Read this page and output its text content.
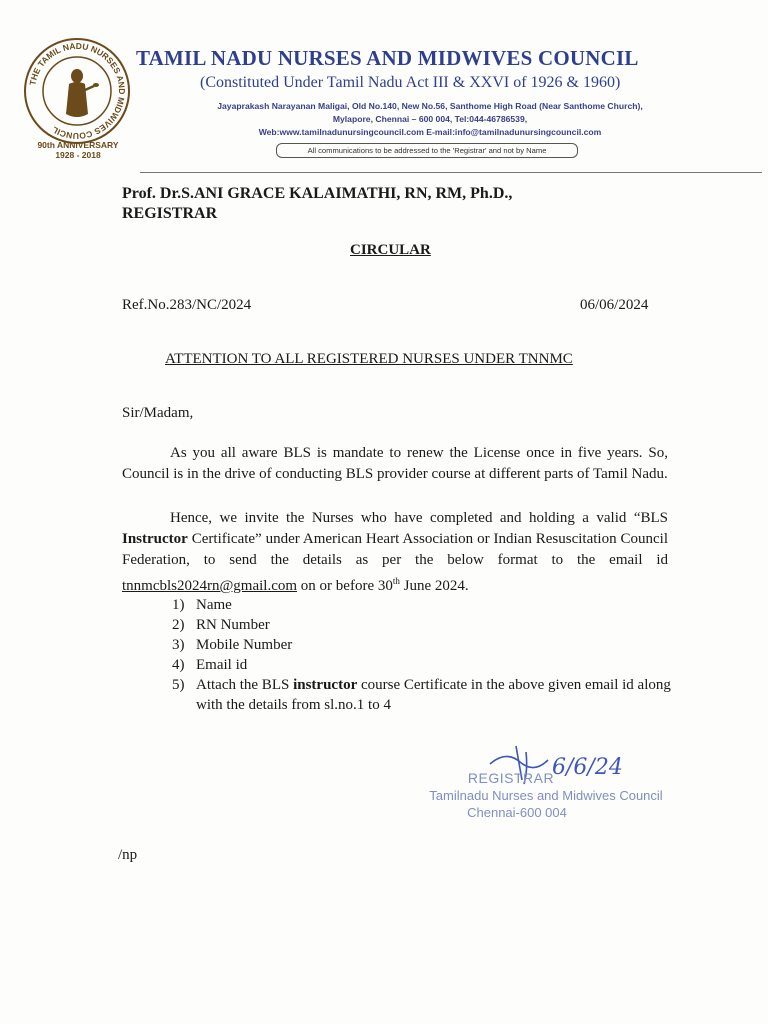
THE TAMIL NADU NURSES AND MIDWIVES COUNCIL
90th ANNIVERSARY
1928 - 2018
TAMIL NADU NURSES AND MIDWIVES COUNCIL
(Constituted Under Tamil Nadu Act III & XXVI of 1926 & 1960)
Jayaprakash Narayanan Maligai, Old No.140, New No.56, Santhome High Road (Near Santhome Church),
Mylapore, Chennai – 600 004, Tel:044-46786539,
Web:www.tamilnadunursingcouncil.com E-mail:info@tamilnadunursingcouncil.com
All communications to be addressed to the 'Registrar' and not by Name
Prof. Dr.S.ANI GRACE KALAIMATHI, RN, RM, Ph.D.,
REGISTRAR
CIRCULAR
Ref.No.283/NC/2024	06/06/2024
ATTENTION TO ALL REGISTERED NURSES UNDER TNNMC
Sir/Madam,
As you all aware BLS is mandate to renew the License once in five years. So, Council is in the drive of conducting BLS provider course at different parts of Tamil Nadu.
Hence, we invite the Nurses who have completed and holding a valid “BLS Instructor Certificate” under American Heart Association or Indian Resuscitation Council Federation, to send the details as per the below format to the email id tnnmcbls2024rn@gmail.com on or before 30th June 2024.
1) Name
2) RN Number
3) Mobile Number
4) Email id
5) Attach the BLS instructor course Certificate in the above given email id along with the details from sl.no.1 to 4
6/6/24
REGISTRAR
Tamilnadu Nurses and Midwives Council
Chennai-600 004
/np
